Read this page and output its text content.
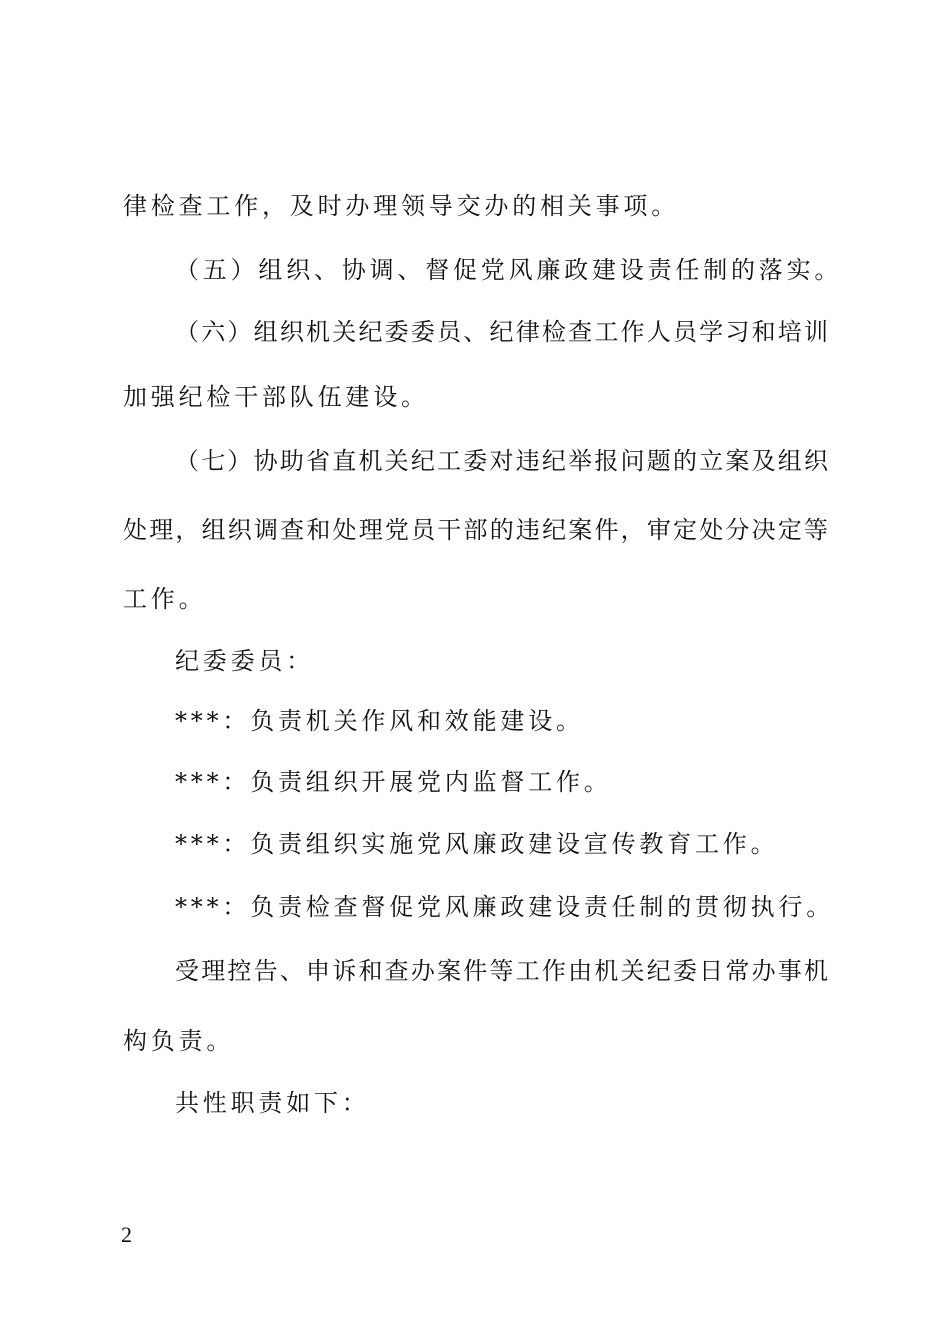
律检查工作，及时办理领导交办的相关事项。

（五）组织、协调、督促党风廉政建设责任制的落实。

（六）组织机关纪委委员、纪律检查工作人员学习和培训

加强纪检干部队伍建设。

（七）协助省直机关纪工委对违纪举报问题的立案及组织

处理，组织调查和处理党员干部的违纪案件，审定处分决定等

工作。

纪委委员：

***：负责机关作风和效能建设。

***：负责组织开展党内监督工作。

***：负责组织实施党风廉政建设宣传教育工作。

***：负责检查督促党风廉政建设责任制的贯彻执行。

受理控告、申诉和查办案件等工作由机关纪委日常办事机

构负责。

共性职责如下：

2
